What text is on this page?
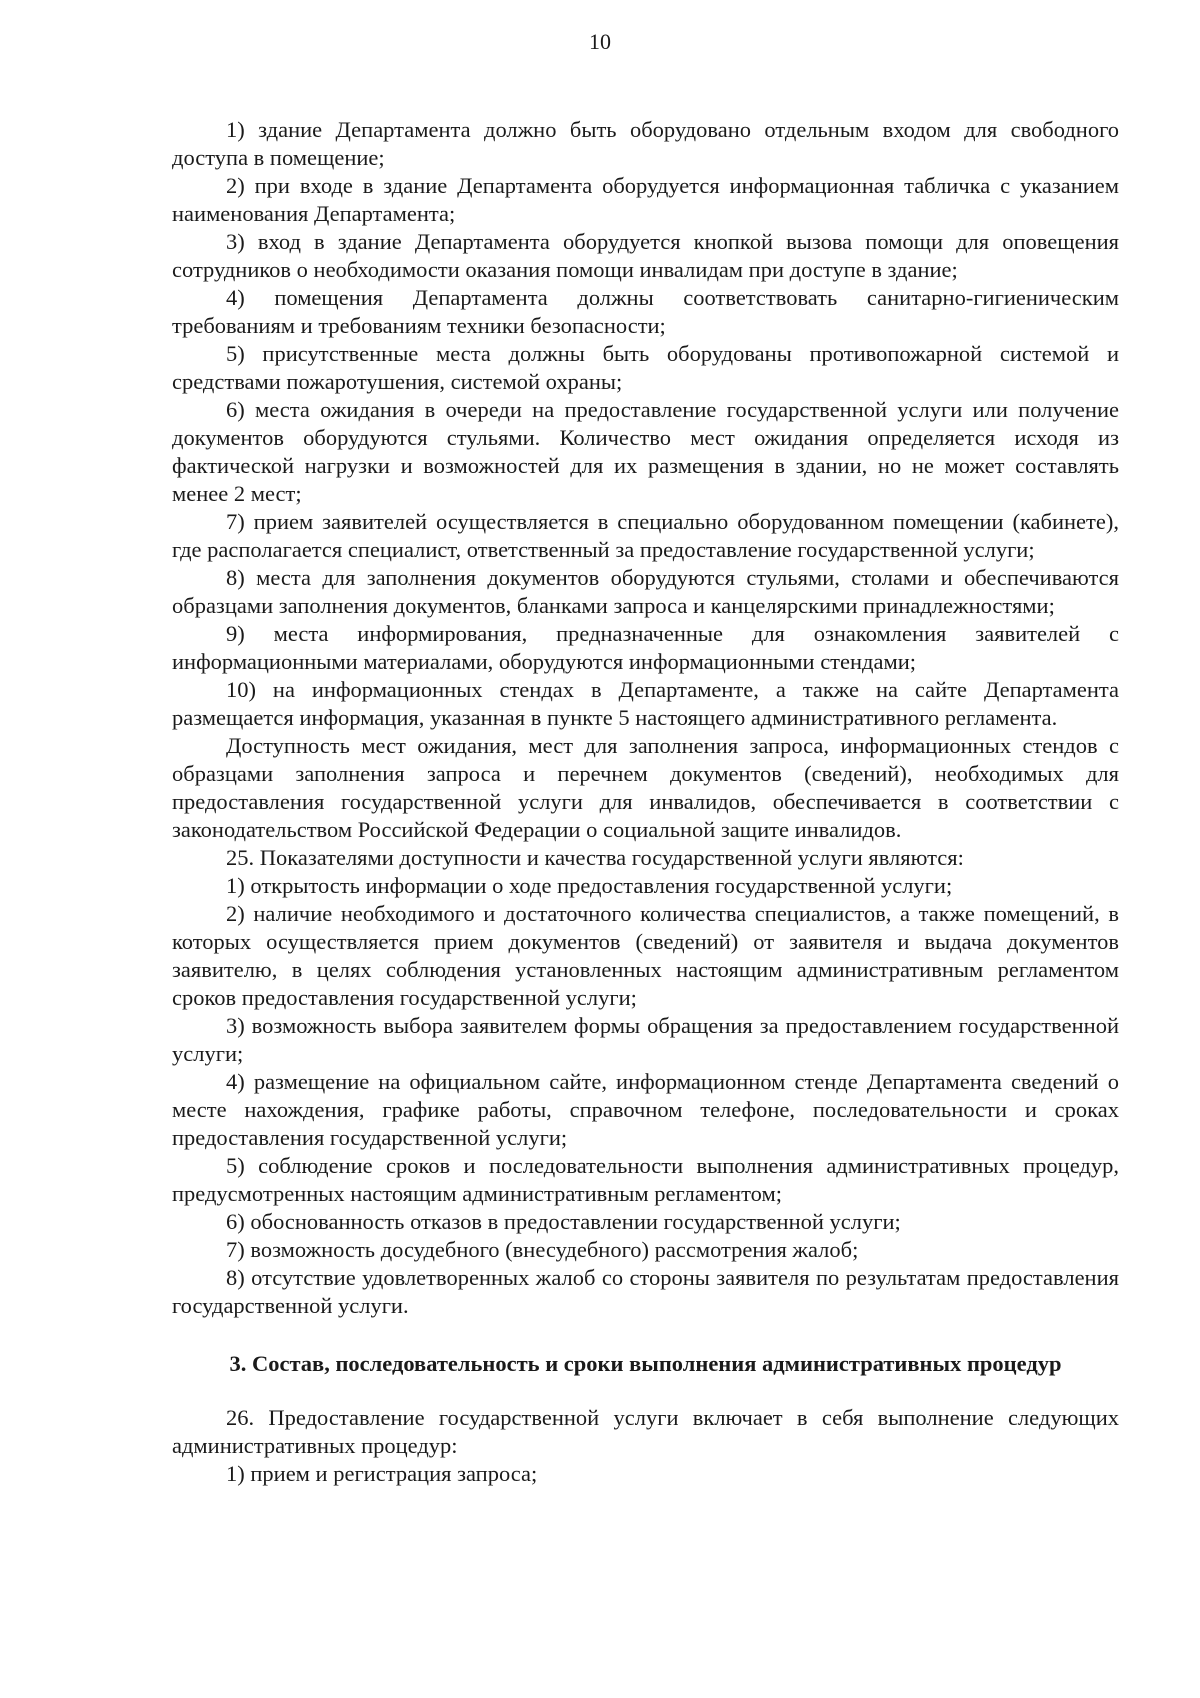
10

1) здание Департамента должно быть оборудовано отдельным входом для свободного доступа в помещение;

2) при входе в здание Департамента оборудуется информационная табличка с указанием наименования Департамента;

3) вход в здание Департамента оборудуется кнопкой вызова помощи для оповещения сотрудников о необходимости оказания помощи инвалидам при доступе в здание;

4) помещения Департамента должны соответствовать санитарно-гигиеническим требованиям и требованиям техники безопасности;

5) присутственные места должны быть оборудованы противопожарной системой и средствами пожаротушения, системой охраны;

6) места ожидания в очереди на предоставление государственной услуги или получение документов оборудуются стульями. Количество мест ожидания определяется исходя из фактической нагрузки и возможностей для их размещения в здании, но не может составлять менее 2 мест;

7) прием заявителей осуществляется в специально оборудованном помещении (кабинете), где располагается специалист, ответственный за предоставление государственной услуги;

8) места для заполнения документов оборудуются стульями, столами и обеспечиваются образцами заполнения документов, бланками запроса и канцелярскими принадлежностями;

9) места информирования, предназначенные для ознакомления заявителей с информационными материалами, оборудуются информационными стендами;

10) на информационных стендах в Департаменте, а также на сайте Департамента размещается информация, указанная в пункте 5 настоящего административного регламента.

Доступность мест ожидания, мест для заполнения запроса, информационных стендов с образцами заполнения запроса и перечнем документов (сведений), необходимых для предоставления государственной услуги для инвалидов, обеспечивается в соответствии с законодательством Российской Федерации о социальной защите инвалидов.

25. Показателями доступности и качества государственной услуги являются:

1) открытость информации о ходе предоставления государственной услуги;

2) наличие необходимого и достаточного количества специалистов, а также помещений, в которых осуществляется прием документов (сведений) от заявителя и выдача документов заявителю, в целях соблюдения установленных настоящим административным регламентом сроков предоставления государственной услуги;

3) возможность выбора заявителем формы обращения за предоставлением государственной услуги;

4) размещение на официальном сайте, информационном стенде Департамента сведений о месте нахождения, графике работы, справочном телефоне, последовательности и сроках предоставления государственной услуги;

5) соблюдение сроков и последовательности выполнения административных процедур, предусмотренных настоящим административным регламентом;

6) обоснованность отказов в предоставлении государственной услуги;

7) возможность досудебного (внесудебного) рассмотрения жалоб;

8) отсутствие удовлетворенных жалоб со стороны заявителя по результатам предоставления государственной услуги.

3. Состав, последовательность и сроки выполнения административных процедур

26. Предоставление государственной услуги включает в себя выполнение следующих административных процедур:

1) прием и регистрация запроса;
